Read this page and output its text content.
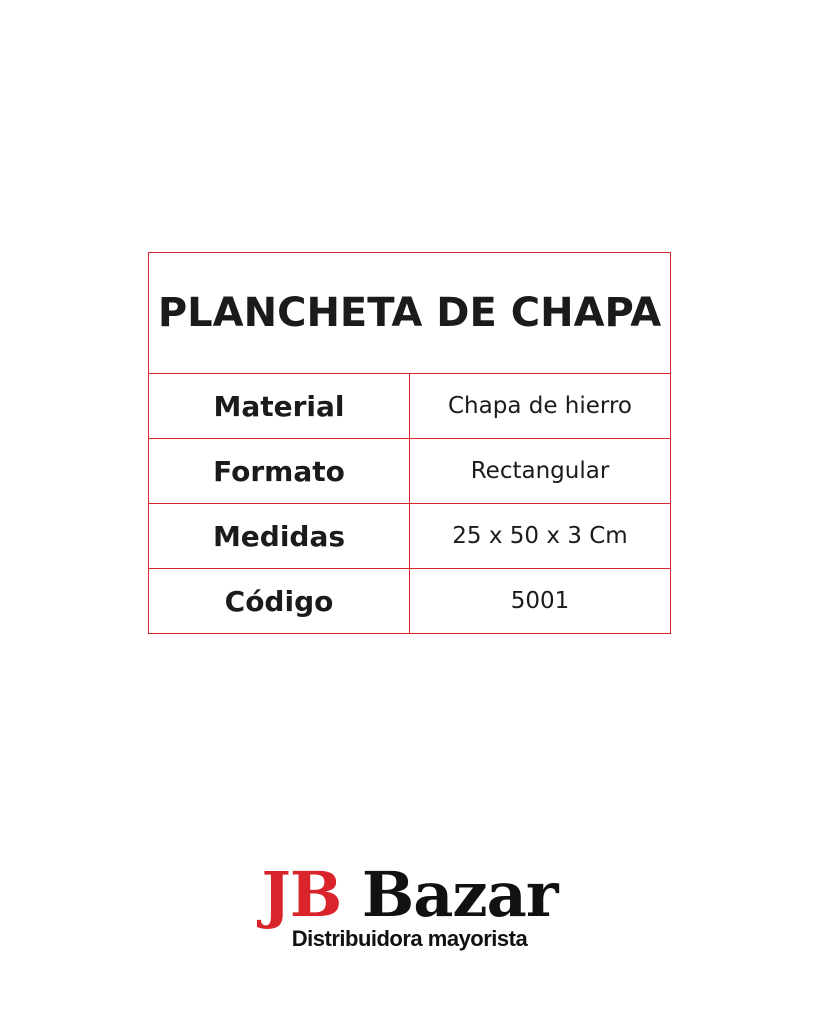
PLANCHETA DE CHAPA	
Material	Chapa de hierro
Formato	Rectangular
Medidas	25 x 50 x 3 Cm
Código	5001
JB Bazar
Distribuidora mayorista
